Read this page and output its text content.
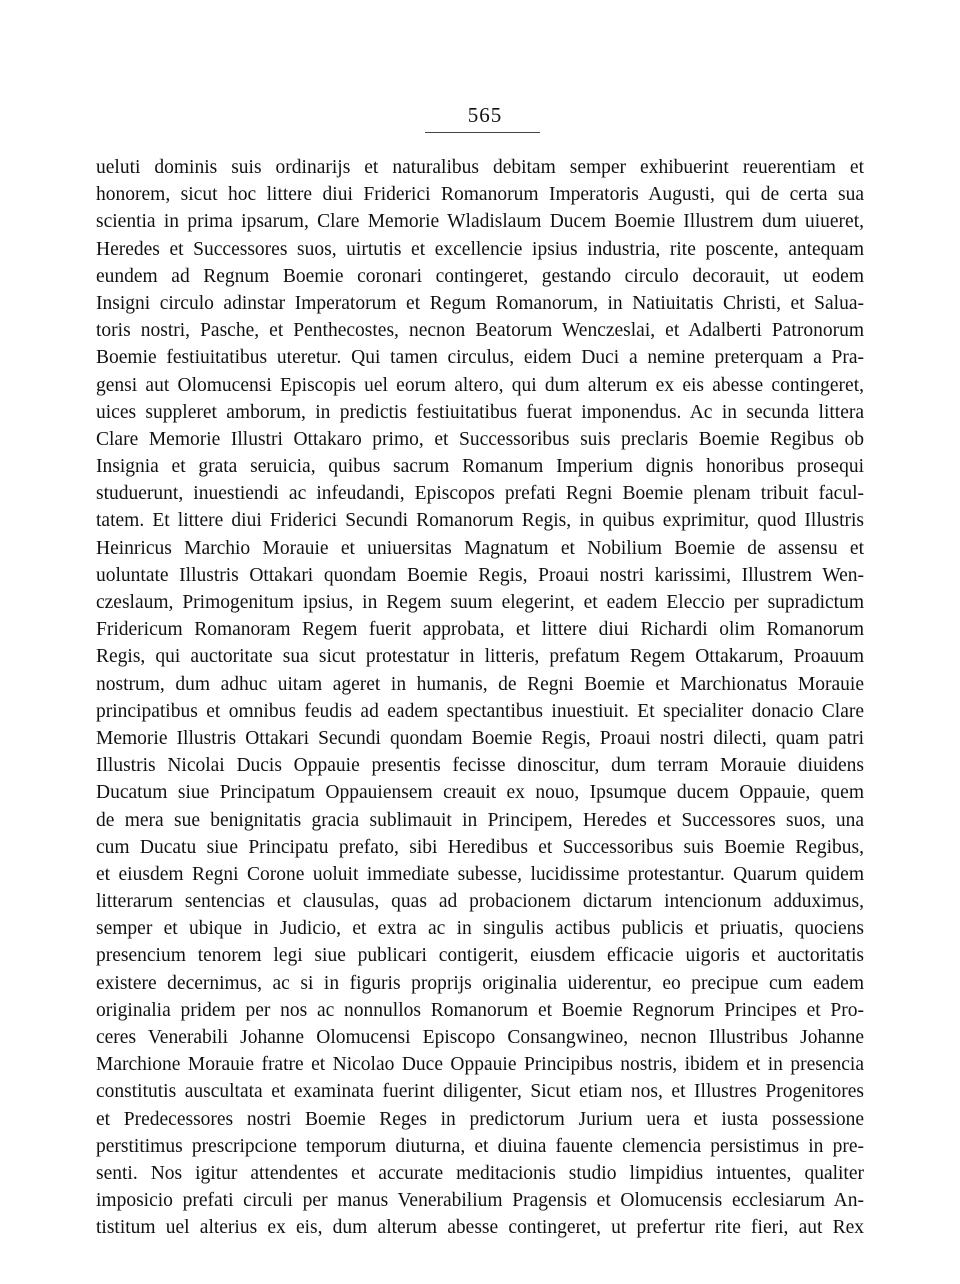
565
ueluti dominis suis ordinarijs et naturalibus debitam semper exhibuerint reuerentiam et
honorem, sicut hoc littere diui Friderici Romanorum Imperatoris Augusti, qui de certa sua
scientia in prima ipsarum, Clare Memorie Wladislaum Ducem Boemie Illustrem dum uiueret,
Heredes et Successores suos, uirtutis et excellencie ipsius industria, rite poscente, antequam
eundem ad Regnum Boemie coronari contingeret, gestando circulo decorauit, ut eodem
Insigni circulo adinstar Imperatorum et Regum Romanorum, in Natiuitatis Christi, et Salua-
toris nostri, Pasche, et Penthecostes, necnon Beatorum Wenczeslai, et Adalberti Patronorum
Boemie festiuitatibus uteretur. Qui tamen circulus, eidem Duci a nemine preterquam a Pra-
gensi aut Olomucensi Episcopis uel eorum altero, qui dum alterum ex eis abesse contingeret,
uices suppleret amborum, in predictis festiuitatibus fuerat imponendus. Ac in secunda littera
Clare Memorie Illustri Ottakaro primo, et Successoribus suis preclaris Boemie Regibus ob
Insignia et grata seruicia, quibus sacrum Romanum Imperium dignis honoribus prosequi
studuerunt, inuestiendi ac infeudandi, Episcopos prefati Regni Boemie plenam tribuit facul-
tatem. Et littere diui Friderici Secundi Romanorum Regis, in quibus exprimitur, quod Illustris
Heinricus Marchio Morauie et uniuersitas Magnatum et Nobilium Boemie de assensu et
uoluntate Illustris Ottakari quondam Boemie Regis, Proaui nostri karissimi, Illustrem Wen-
czeslaum, Primogenitum ipsius, in Regem suum elegerint, et eadem Eleccio per supradictum
Fridericum Romanoram Regem fuerit approbata, et littere diui Richardi olim Romanorum
Regis, qui auctoritate sua sicut protestatur in litteris, prefatum Regem Ottakarum, Proauum
nostrum, dum adhuc uitam ageret in humanis, de Regni Boemie et Marchionatus Morauie
principatibus et omnibus feudis ad eadem spectantibus inuestiuit. Et specialiter donacio Clare
Memorie Illustris Ottakari Secundi quondam Boemie Regis, Proaui nostri dilecti, quam patri
Illustris Nicolai Ducis Oppauie presentis fecisse dinoscitur, dum terram Morauie diuidens
Ducatum siue Principatum Oppauiensem creauit ex nouo, Ipsumque ducem Oppauie, quem
de mera sue benignitatis gracia sublimauit in Principem, Heredes et Successores suos, una
cum Ducatu siue Principatu prefato, sibi Heredibus et Successoribus suis Boemie Regibus,
et eiusdem Regni Corone uoluit immediate subesse, lucidissime protestantur. Quarum quidem
litterarum sentencias et clausulas, quas ad probacionem dictarum intencionum adduximus,
semper et ubique in Judicio, et extra ac in singulis actibus publicis et priuatis, quociens
presencium tenorem legi siue publicari contigerit, eiusdem efficacie uigoris et auctoritatis
existere decernimus, ac si in figuris proprijs originalia uiderentur, eo precipue cum eadem
originalia pridem per nos ac nonnullos Romanorum et Boemie Regnorum Principes et Pro-
ceres Venerabili Johanne Olomucensi Episcopo Consangwineo, necnon Illustribus Johanne
Marchione Morauie fratre et Nicolao Duce Oppauie Principibus nostris, ibidem et in presencia
constitutis auscultata et examinata fuerint diligenter, Sicut etiam nos, et Illustres Progenitores
et Predecessores nostri Boemie Reges in predictorum Jurium uera et iusta possessione
perstitimus prescripcione temporum diuturna, et diuina fauente clemencia persistimus in pre-
senti. Nos igitur attendentes et accurate meditacionis studio limpidius intuentes, qualiter
imposicio prefati circuli per manus Venerabilium Pragensis et Olomucensis ecclesiarum An-
tistitum uel alterius ex eis, dum alterum abesse contingeret, ut prefertur rite fieri, aut Rex
